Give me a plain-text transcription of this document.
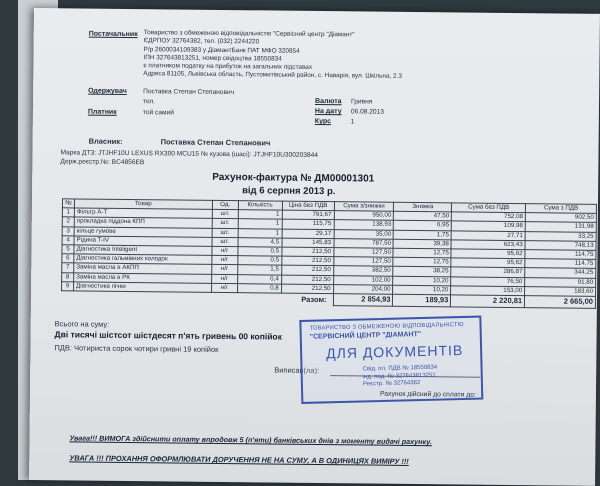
Постачальник Товариство з обмеженою відповідальністю "Сервісний центр "Діамант"
ЄДРПОУ 32764382, тел. (032) 2244220
Р/р 2600034109383 у ДіамантБанк ПАТ МФО 320854
ІПН 327643813251, номер свідоцтва 18550834
є платником податку на прибуток на загальних підставах
Адреса 81105, Львівська область, Пустомитівський район, с. Наварія, вул. Шкільна, 2.3
Одержувач Поставка Степан Степанович
тел.
Платник	той самий
Валюта Гривня
На дату 06.08.2013
Курс	1
Власник:	Поставка Степан Степанович
Марка ДТЗ: JTJHF10U LEXUS RX300 MCU15 № кузова (шасі): JTJHF10U300203844
Держ.реєстр.№: BC4856EB
Рахунок-фактура № ДМ00001301
від 6 серпня 2013 р.
№	Товар	Од.	Кількість	Ціна без ПДВ	Сума з/знижки	Знижка	Сума без ПДВ	Сума з ПДВ
1	Фільтр А-Т	шт.	1	791,67	950,00	47,50	752,08	902,50
2	прокладка піддона КПП	шт.	1	115,75	138,93	6,95	109,98	131,98
3	кільце гумове	шт.	1	29,17	35,00	1,75	27,71	33,25
4	Рідина T-IV	шт.	4,5	145,83	787,50	39,38	623,43	748,13
5	Діагностика Inteligent	н/г	0,5	212,50	127,50	12,75	95,62	114,75
6	Діагностика гальмівних колодок	н/г	0,5	212,50	127,50	12,75	95,62	114,75
7	Заміна масла в АКПП	н/г	1,5	212,50	382,50	38,25	286,87	344,25
8	Заміна масла в РК	н/г	0,4	212,50	102,00	10,20	76,50	91,80
9	Діагностика пічки	н/г	0,8	212,50	204,00	10,20	153,00	183,60
Разом:					2 854,93	189,93	2 220,81	2 665,00
Всього на суму:
Дві тисячі шістсот шістдесят п'ять гривень 00 копійок
ПДВ: Чотириста сорок чотири гривні 19 копійок
Виписав(ла):
ТОВАРИСТВО З ОБМЕЖЕНОЮ ВІДПОВІДАЛЬНІСТЮ
"СЕРВІСНИЙ ЦЕНТР "ДІАМАНТ"
ДЛЯ ДОКУМЕНТІВ
Свід. пл. ПДВ № 18550834
інд. под. № 327643813251
Реєстр. № 32764382
Рахунок дійсний до сплати до:
Увага!!! ВИМОГА здійснити оплату впродовж 5 (п'яти) банківських днів з моменту видачі рахунку.
УВАГА !!! ПРОХАННЯ ОФОРМЛЮВАТИ ДОРУЧЕННЯ НЕ НА СУМУ, А В ОДИНИЦЯХ ВИМІРУ !!!
